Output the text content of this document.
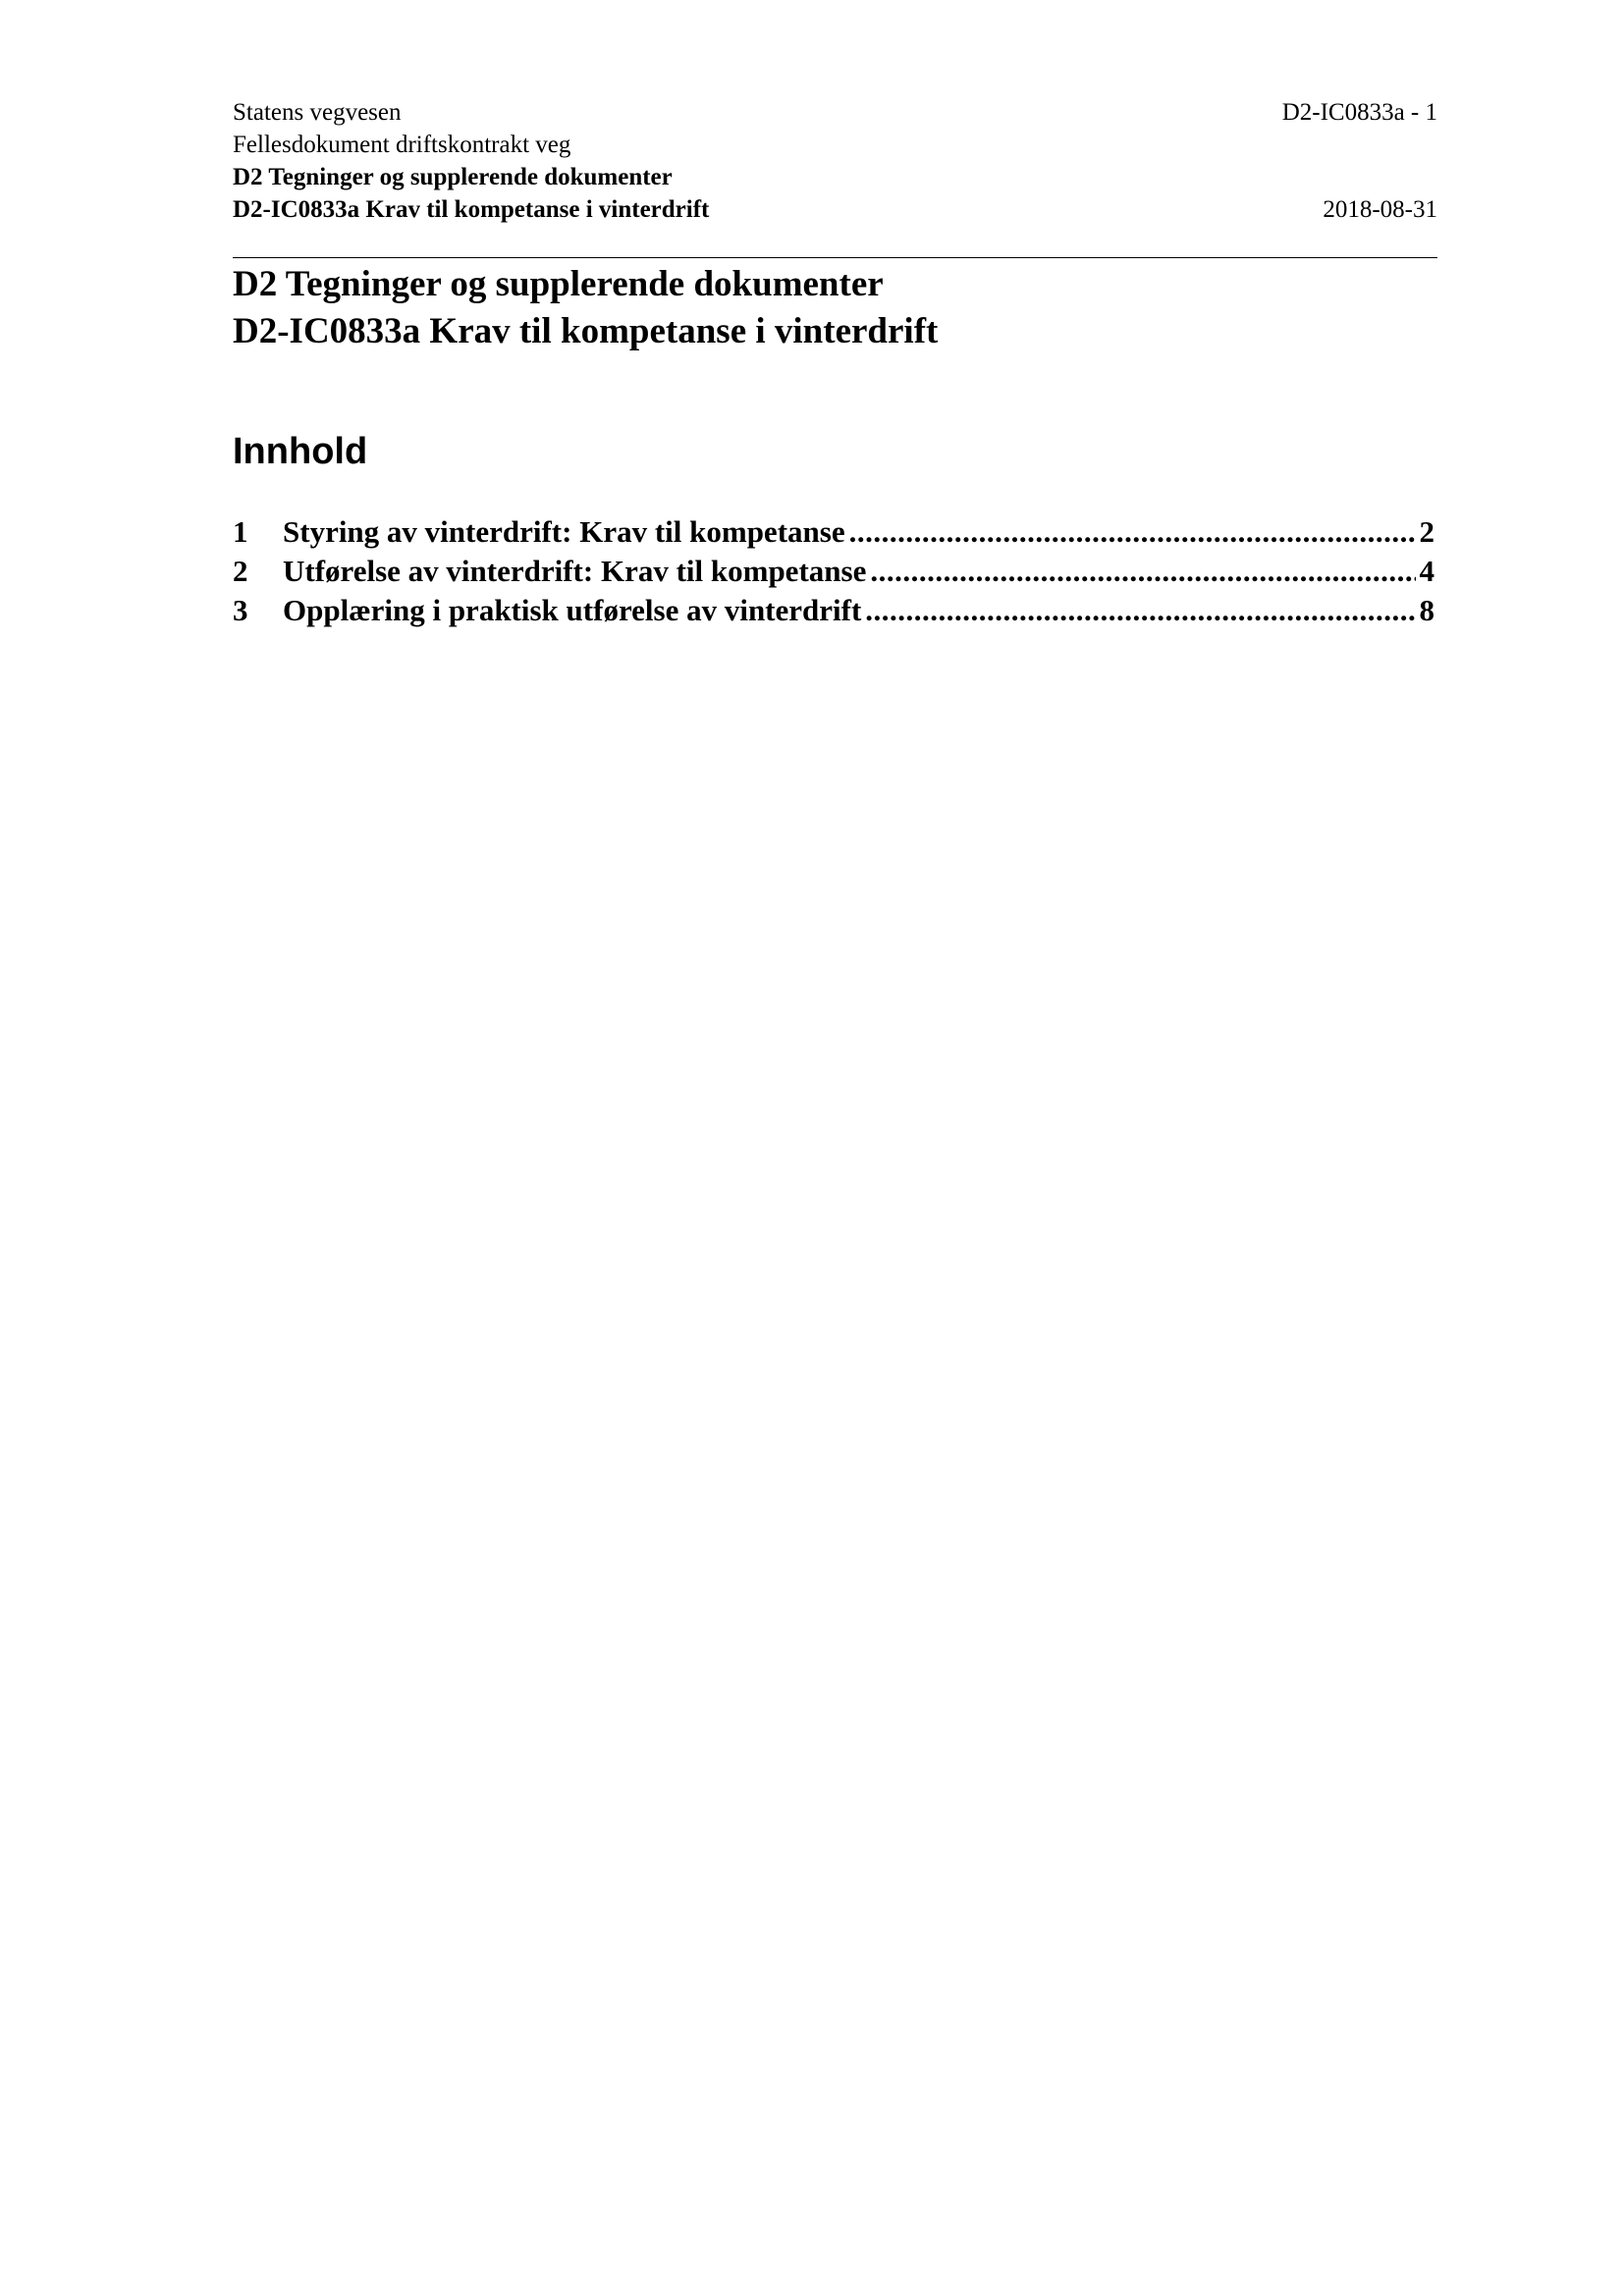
Statens vegvesen	D2-IC0833a - 1
Fellesdokument driftskontrakt veg
D2 Tegninger og supplerende dokumenter
D2-IC0833a Krav til kompetanse i vinterdrift	2018-08-31
D2 Tegninger og supplerende dokumenter
D2-IC0833a Krav til kompetanse i vinterdrift
Innhold
1	Styring av vinterdrift: Krav til kompetanse .....	2
2	Utførelse av vinterdrift: Krav til kompetanse .....	4
3	Opplæring i praktisk utførelse av vinterdrift .....	8
